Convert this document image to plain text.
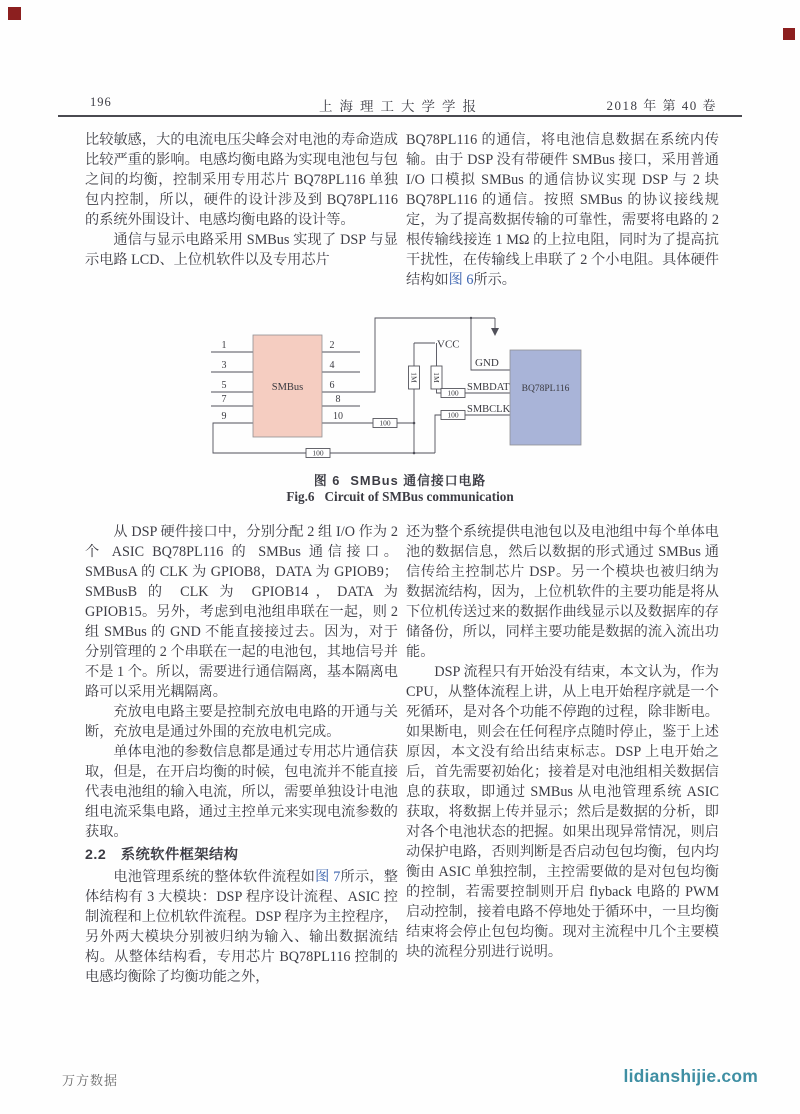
196	上海理工大学学报	2018 年 第 40 卷

比较敏感，大的电流电压尖峰会对电池的寿命造成比较严重的影响。电感均衡电路为实现电池包与包之间的均衡，控制采用专用芯片 BQ78PL116 单独包内控制，所以，硬件的设计涉及到 BQ78PL116 的系统外围设计、电感均衡电路的设计等。

通信与显示电路采用 SMBus 实现了 DSP 与显示电路 LCD、上位机软件以及专用芯片

BQ78PL116 的通信，将电池信息数据在系统内传输。由于 DSP 没有带硬件 SMBus 接口，采用普通 I/O 口模拟 SMBus 的通信协议实现 DSP 与 2 块 BQ78PL116 的通信。按照 SMBus 的协议接线规定，为了提高数据传输的可靠性，需要将电路的 2 根传输线接连 1 MΩ 的上拉电阻，同时为了提高抗干扰性，在传输线上串联了 2 个小电阻。具体硬件结构如图 6所示。

SMBus	BQ78PL116
1M 1M
100
100
100
100
1
3
5
7
9
2
4
6
8
10
VCC
GND
SMBDAT
SMBCLK
图 6 SMBus 通信接口电路
Fig.6 Circuit of SMBus communication

从 DSP 硬件接口中，分别分配 2 组 I/O 作为 2 个 ASIC BQ78PL116 的 SMBus 通信接口。SMBusA 的 CLK 为 GPIOB8，DATA 为 GPIOB9；SMBusB 的 CLK 为 GPIOB14，DATA 为 GPIOB15。另外，考虑到电池组串联在一起，则 2 组 SMBus 的 GND 不能直接接过去。因为，对于分别管理的 2 个串联在一起的电池包，其地信号并不是 1 个。所以，需要进行通信隔离，基本隔离电路可以采用光耦隔离。

充放电电路主要是控制充放电电路的开通与关断，充放电是通过外围的充放电机完成。

单体电池的参数信息都是通过专用芯片通信获取，但是，在开启均衡的时候，包电流并不能直接代表电池组的输入电流，所以，需要单独设计电池组电流采集电路，通过主控单元来实现电流参数的获取。

2.2　系统软件框架结构

电池管理系统的整体软件流程如图 7所示，整体结构有 3 大模块：DSP 程序设计流程、ASIC 控制流程和上位机软件流程。DSP 程序为主控程序，另外两大模块分别被归纳为输入、输出数据流结构。从整体结构看，专用芯片 BQ78PL116 控制的电感均衡除了均衡功能之外，

还为整个系统提供电池包以及电池组中每个单体电池的数据信息，然后以数据的形式通过 SMBus 通信传给主控制芯片 DSP。另一个模块也被归纳为数据流结构，因为，上位机软件的主要功能是将从下位机传送过来的数据作曲线显示以及数据库的存储备份，所以，同样主要功能是数据的流入流出功能。

DSP 流程只有开始没有结束，本文认为，作为 CPU，从整体流程上讲，从上电开始程序就是一个死循环，是对各个功能不停跑的过程，除非断电。如果断电，则会在任何程序点随时停止，鉴于上述原因，本文没有给出结束标志。DSP 上电开始之后，首先需要初始化；接着是对电池组相关数据信息的获取，即通过 SMBus 从电池管理系统 ASIC 获取，将数据上传并显示；然后是数据的分析，即对各个电池状态的把握。如果出现异常情况，则启动保护电路，否则判断是否启动包包均衡，包内均衡由 ASIC 单独控制，主控需要做的是对包包均衡的控制，若需要控制则开启 flyback 电路的 PWM 启动控制，接着电路不停地处于循环中，一旦均衡结束将会停止包包均衡。现对主流程中几个主要模块的流程分别进行说明。

万方数据	lidianshijie.com
